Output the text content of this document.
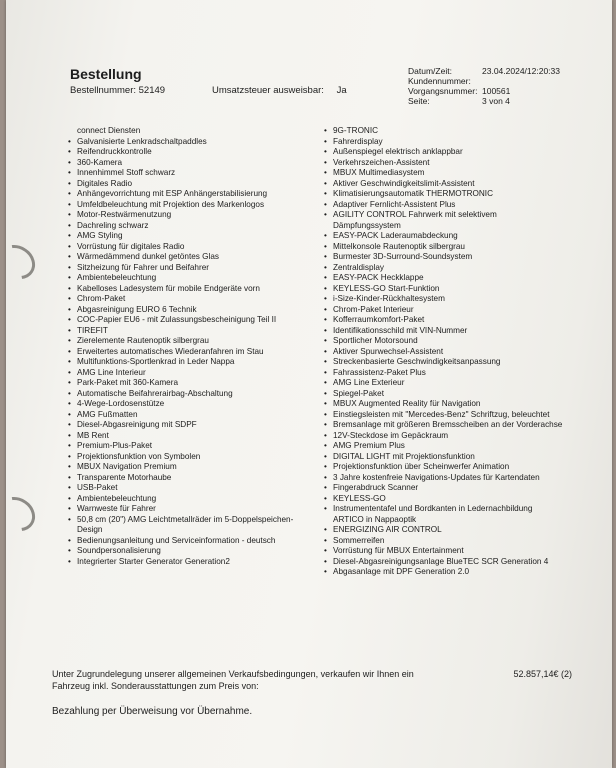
Bestellung
Bestellnummer: 52149	Umsatzsteuer ausweisbar: Ja
Datum/Zeit:	23.04.2024/12:20:33
Kundennummer:
Vorgangsnummer: 100561
Seite:	3 von 4
connect Diensten
• Galvanisierte Lenkradschaltpaddles
• Reifendruckkontrolle
• 360-Kamera
• Innenhimmel Stoff schwarz
• Digitales Radio
• Anhängevorrichtung mit ESP Anhängerstabilisierung
• Umfeldbeleuchtung mit Projektion des Markenlogos
• Motor-Restwärmenutzung
• Dachreling schwarz
• AMG Styling
• Vorrüstung für digitales Radio
• Wärmedämmend dunkel getöntes Glas
• Sitzheizung für Fahrer und Beifahrer
• Ambientebeleuchtung
• Kabelloses Ladesystem für mobile Endgeräte vorn
• Chrom-Paket
• Abgasreinigung EURO 6 Technik
• COC-Papier EU6 - mit Zulassungsbescheinigung Teil II
• TIREFIT
• Zierelemente Rautenoptik silbergrau
• Erweitertes automatisches Wiederanfahren im Stau
• Multifunktions-Sportlenkrad in Leder Nappa
• AMG Line Interieur
• Park-Paket mit 360-Kamera
• Automatische Beifahrerairbag-Abschaltung
• 4-Wege-Lordosenstütze
• AMG Fußmatten
• Diesel-Abgasreinigung mit SDPF
• MB Rent
• Premium-Plus-Paket
• Projektionsfunktion von Symbolen
• MBUX Navigation Premium
• Transparente Motorhaube
• USB-Paket
• Ambientebeleuchtung
• Warnweste für Fahrer
• 50,8 cm (20") AMG Leichtmetallräder im 5-Doppelspeichen-Design
• Bedienungsanleitung und Serviceinformation - deutsch
• Soundpersonalisierung
• Integrierter Starter Generator Generation2
• 9G-TRONIC
• Fahrerdisplay
• Außenspiegel elektrisch anklappbar
• Verkehrszeichen-Assistent
• MBUX Multimediasystem
• Aktiver Geschwindigkeitslimit-Assistent
• Klimatisierungsautomatik THERMOTRONIC
• Adaptiver Fernlicht-Assistent Plus
• AGILITY CONTROL Fahrwerk mit selektivem Dämpfungssystem
• EASY-PACK Laderaumabdeckung
• Mittelkonsole Rautenoptik silbergrau
• Burmester 3D-Surround-Soundsystem
• Zentraldisplay
• EASY-PACK Heckklappe
• KEYLESS-GO Start-Funktion
• i-Size-Kinder-Rückhaltesystem
• Chrom-Paket Interieur
• Kofferraumkomfort-Paket
• Identifikationsschild mit VIN-Nummer
• Sportlicher Motorsound
• Aktiver Spurwechsel-Assistent
• Streckenbasierte Geschwindigkeitsanpassung
• Fahrassistenz-Paket Plus
• AMG Line Exterieur
• Spiegel-Paket
• MBUX Augmented Reality für Navigation
• Einstiegsleisten mit "Mercedes-Benz" Schriftzug, beleuchtet
• Bremsanlage mit größeren Bremsscheiben an der Vorderachse
• 12V-Steckdose im Gepäckraum
• AMG Premium Plus
• DIGITAL LIGHT mit Projektionsfunktion
• Projektionsfunktion über Scheinwerfer Animation
• 3 Jahre kostenfreie Navigations-Updates für Kartendaten
• Fingerabdruck Scanner
• KEYLESS-GO
• Instrumententafel und Bordkanten in Ledernachbildung ARTICO in Nappaoptik
• ENERGIZING AIR CONTROL
• Sommerreifen
• Vorrüstung für MBUX Entertainment
• Diesel-Abgasreinigungsanlage BlueTEC SCR Generation 4
• Abgasanlage mit DPF Generation 2.0
Unter Zugrundelegung unserer allgemeinen Verkaufsbedingungen, verkaufen wir Ihnen ein Fahrzeug inkl. Sonderausstattungen zum Preis von:
52.857,14€ (2)
Bezahlung per Überweisung vor Übernahme.
